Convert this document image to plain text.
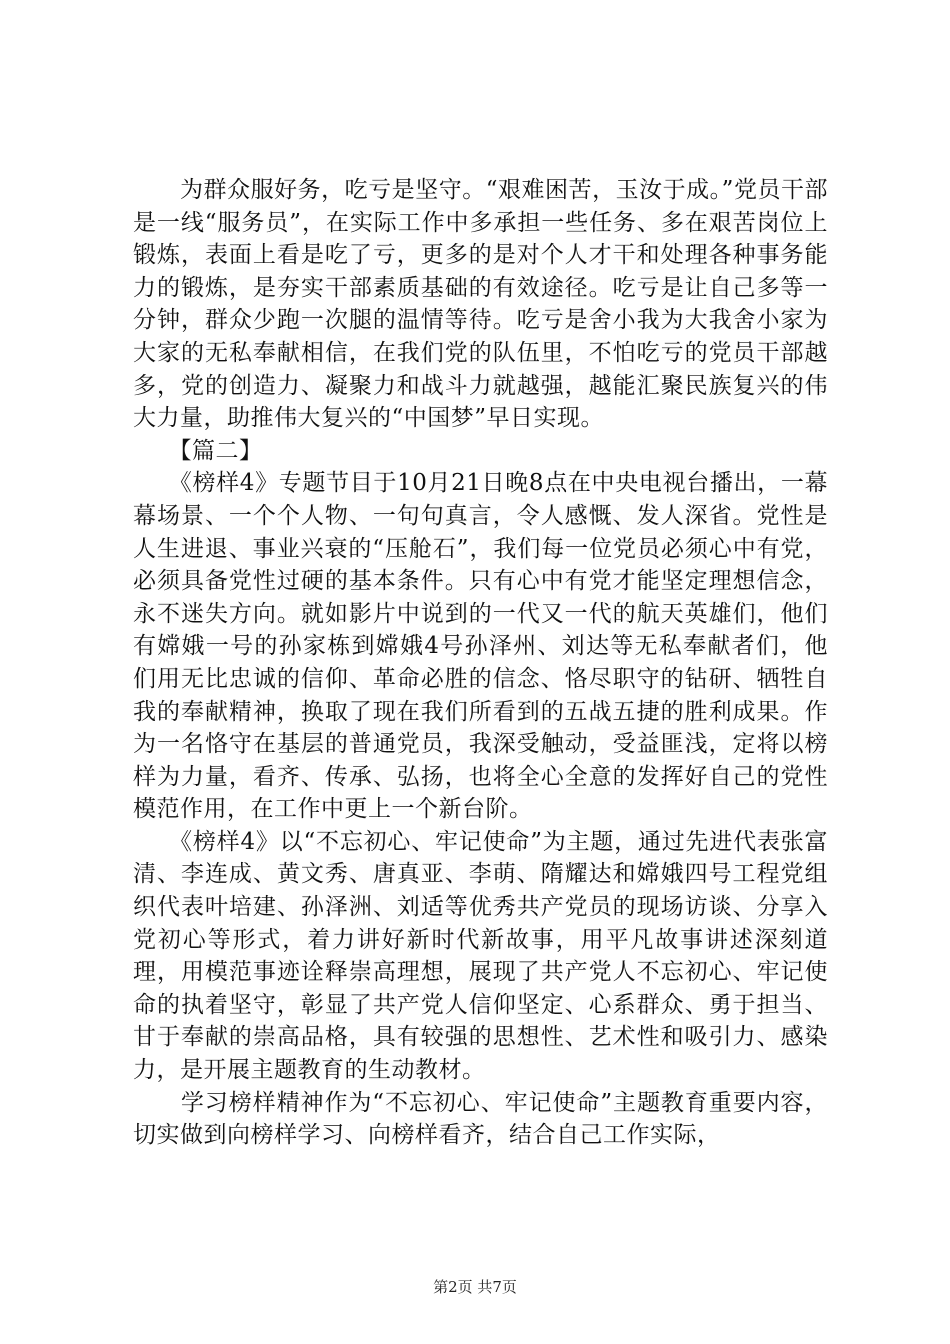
　　为群众服好务，吃亏是坚守。“艰难困苦，玉汝于成。”党员干部是一线“服务员”，在实际工作中多承担一些任务、多在艰苦岗位上锻炼，表面上看是吃了亏，更多的是对个人才干和处理各种事务能力的锻炼，是夯实干部素质基础的有效途径。吃亏是让自己多等一分钟，群众少跑一次腿的温情等待。吃亏是舍小我为大我舍小家为大家的无私奉献相信，在我们党的队伍里，不怕吃亏的党员干部越多，党的创造力、凝聚力和战斗力就越强，越能汇聚民族复兴的伟大力量，助推伟大复兴的“中国梦”早日实现。

　　【篇二】

　　《榜样4》专题节目于10月21日晚8点在中央电视台播出，一幕幕场景、一个个人物、一句句真言，令人感慨、发人深省。党性是人生进退、事业兴衰的“压舱石”，我们每一位党员必须心中有党，必须具备党性过硬的基本条件。只有心中有党才能坚定理想信念，永不迷失方向。就如影片中说到的一代又一代的航天英雄们，他们有嫦娥一号的孙家栋到嫦娥4号孙泽州、刘达等无私奉献者们，他们用无比忠诚的信仰、革命必胜的信念、恪尽职守的钻研、牺牲自我的奉献精神，换取了现在我们所看到的五战五捷的胜利成果。作为一名恪守在基层的普通党员，我深受触动，受益匪浅，定将以榜样为力量，看齐、传承、弘扬，也将全心全意的发挥好自己的党性模范作用，在工作中更上一个新台阶。

　　《榜样4》以“不忘初心、牢记使命”为主题，通过先进代表张富清、李连成、黄文秀、唐真亚、李萌、隋耀达和嫦娥四号工程党组织代表叶培建、孙泽洲、刘适等优秀共产党员的现场访谈、分享入党初心等形式，着力讲好新时代新故事，用平凡故事讲述深刻道理，用模范事迹诠释崇高理想，展现了共产党人不忘初心、牢记使命的执着坚守，彰显了共产党人信仰坚定、心系群众、勇于担当、甘于奉献的崇高品格，具有较强的思想性、艺术性和吸引力、感染力，是开展主题教育的生动教材。

　　学习榜样精神作为“不忘初心、牢记使命”主题教育重要内容，切实做到向榜样学习、向榜样看齐，结合自己工作实际，

第2页 共7页
